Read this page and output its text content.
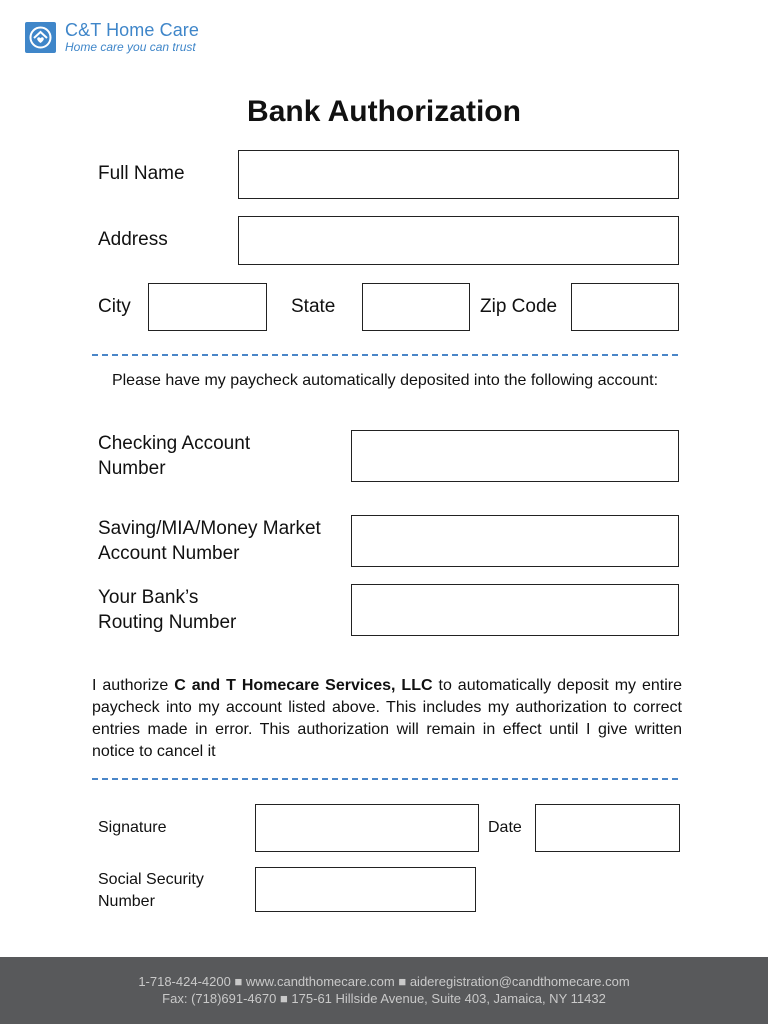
C&T Home Care
Home care you can trust
Bank Authorization
Full Name
Address
City	State	Zip Code
Please have my paycheck automatically deposited into the following account:
Checking Account
Number
Saving/MIA/Money Market
Account Number
Your Bank’s
Routing Number
I authorize C and T Homecare Services, LLC to automatically deposit my entire paycheck into my account listed above. This includes my authorization to correct entries made in error. This authorization will remain in effect until I give written notice to cancel it
Signature	Date
Social Security
Number
1-718-424-4200 ■ www.candthomecare.com ■ aideregistration@candthomecare.com
Fax: (718)691-4670 ■ 175-61 Hillside Avenue, Suite 403, Jamaica, NY 11432
